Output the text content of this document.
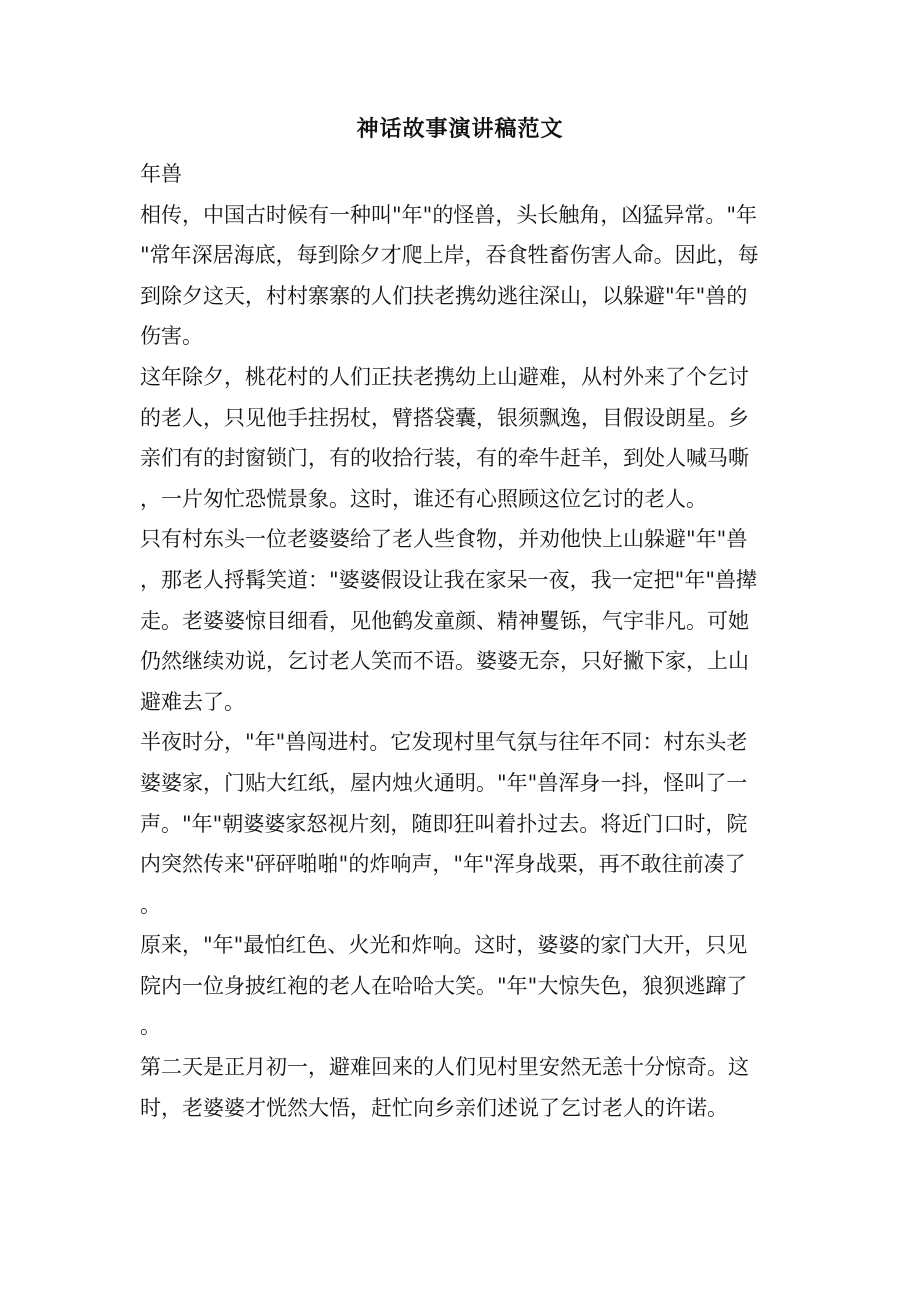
神话故事演讲稿范文
年兽
相传，中国古时候有一种叫"年"的怪兽，头长触角，凶猛异常。"年
"常年深居海底，每到除夕才爬上岸，吞食牲畜伤害人命。因此，每
到除夕这天，村村寨寨的人们扶老携幼逃往深山，以躲避"年"兽的
伤害。
这年除夕，桃花村的人们正扶老携幼上山避难，从村外来了个乞讨
的老人，只见他手拄拐杖，臂搭袋囊，银须飘逸，目假设朗星。乡
亲们有的封窗锁门，有的收拾行装，有的牵牛赶羊，到处人喊马嘶
，一片匆忙恐慌景象。这时，谁还有心照顾这位乞讨的老人。
只有村东头一位老婆婆给了老人些食物，并劝他快上山躲避"年"兽
，那老人捋髯笑道："婆婆假设让我在家呆一夜，我一定把"年"兽撵
走。老婆婆惊目细看，见他鹤发童颜、精神矍铄，气宇非凡。可她
仍然继续劝说，乞讨老人笑而不语。婆婆无奈，只好撇下家，上山
避难去了。
半夜时分，"年"兽闯进村。它发现村里气氛与往年不同：村东头老
婆婆家，门贴大红纸，屋内烛火通明。"年"兽浑身一抖，怪叫了一
声。"年"朝婆婆家怒视片刻，随即狂叫着扑过去。将近门口时，院
内突然传来"砰砰啪啪"的炸响声，"年"浑身战栗，再不敢往前凑了
。
原来，"年"最怕红色、火光和炸响。这时，婆婆的家门大开，只见
院内一位身披红袍的老人在哈哈大笑。"年"大惊失色，狼狈逃蹿了
。
第二天是正月初一，避难回来的人们见村里安然无恙十分惊奇。这
时，老婆婆才恍然大悟，赶忙向乡亲们述说了乞讨老人的许诺。
